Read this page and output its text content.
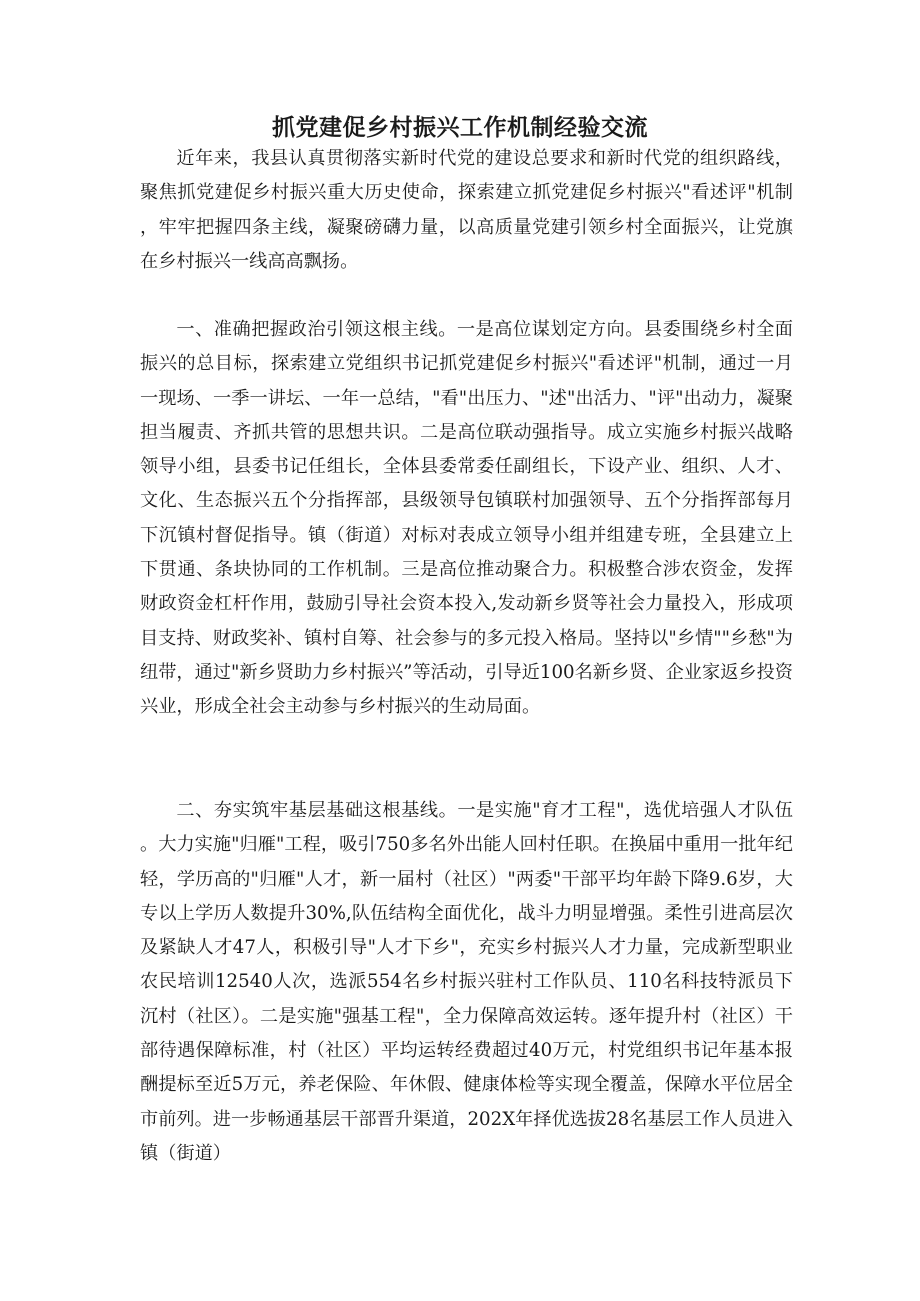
抓党建促乡村振兴工作机制经验交流

近年来，我县认真贯彻落实新时代党的建设总要求和新时代党的组织路线，聚焦抓党建促乡村振兴重大历史使命，探索建立抓党建促乡村振兴"看述评"机制，牢牢把握四条主线，凝聚磅礴力量，以高质量党建引领乡村全面振兴，让党旗在乡村振兴一线高高飘扬。

一、准确把握政治引领这根主线。一是高位谋划定方向。县委围绕乡村全面振兴的总目标，探索建立党组织书记抓党建促乡村振兴"看述评"机制，通过一月一现场、一季一讲坛、一年一总结，"看"出压力、"述"出活力、"评"出动力，凝聚担当履责、齐抓共管的思想共识。二是高位联动强指导。成立实施乡村振兴战略领导小组，县委书记任组长，全体县委常委任副组长，下设产业、组织、人才、文化、生态振兴五个分指挥部，县级领导包镇联村加强领导、五个分指挥部每月下沉镇村督促指导。镇（街道）对标对表成立领导小组并组建专班，全县建立上下贯通、条块协同的工作机制。三是高位推动聚合力。积极整合涉农资金，发挥财政资金杠杆作用，鼓励引导社会资本投入,发动新乡贤等社会力量投入，形成项目支持、财政奖补、镇村自筹、社会参与的多元投入格局。坚持以"乡情""乡愁"为纽带，通过"新乡贤助力乡村振兴”等活动，引导近100名新乡贤、企业家返乡投资兴业，形成全社会主动参与乡村振兴的生动局面。

二、夯实筑牢基层基础这根基线。一是实施"育才工程"，选优培强人才队伍。大力实施"归雁"工程，吸引750多名外出能人回村任职。在换届中重用一批年纪轻，学历高的"归雁"人才，新一届村（社区）"两委"干部平均年龄下降9.6岁，大专以上学历人数提升30%,队伍结构全面优化，战斗力明显增强。柔性引进高层次及紧缺人才47人，积极引导"人才下乡"，充实乡村振兴人才力量，完成新型职业农民培训12540人次，选派554名乡村振兴驻村工作队员、110名科技特派员下沉村（社区）。二是实施"强基工程"，全力保障高效运转。逐年提升村（社区）干部待遇保障标准，村（社区）平均运转经费超过40万元，村党组织书记年基本报酬提标至近5万元，养老保险、年休假、健康体检等实现全覆盖，保障水平位居全市前列。进一步畅通基层干部晋升渠道，202X年择优选拔28名基层工作人员进入镇（街道）
